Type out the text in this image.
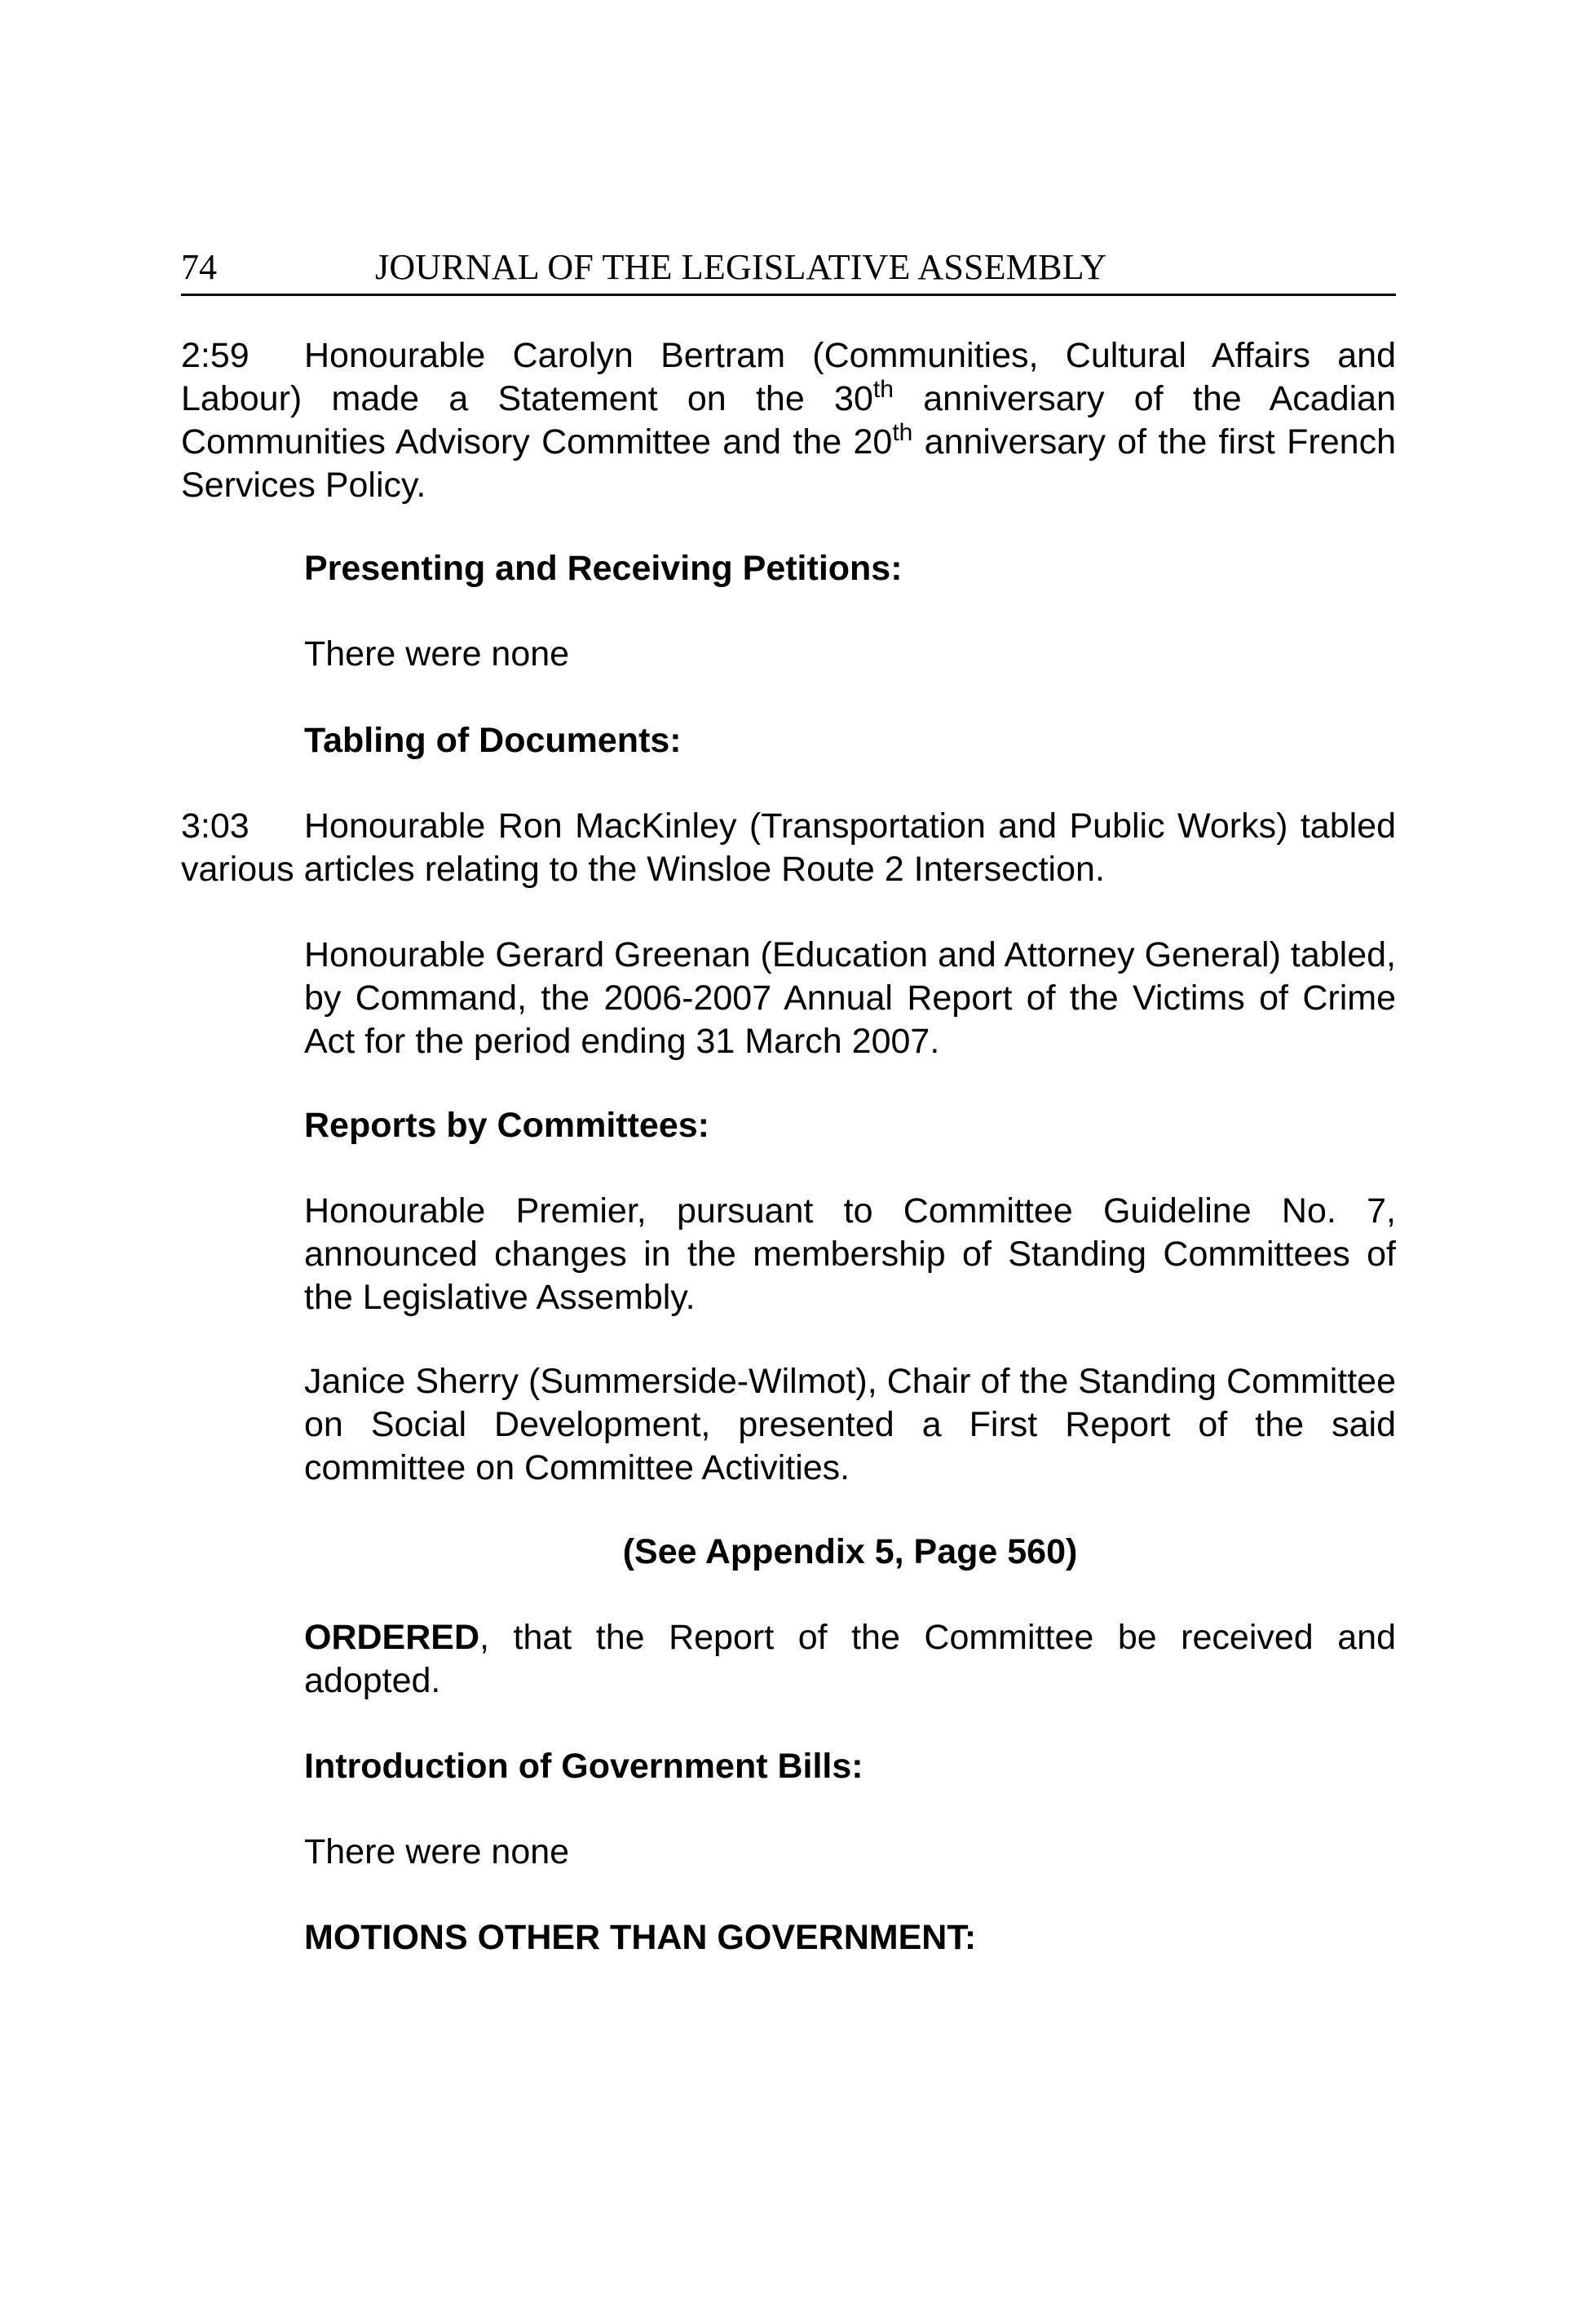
74	JOURNAL OF THE LEGISLATIVE ASSEMBLY
2:59 Honourable Carolyn Bertram (Communities, Cultural Affairs and Labour) made a Statement on the 30th anniversary of the Acadian Communities Advisory Committee and the 20th anniversary of the first French Services Policy.
Presenting and Receiving Petitions:
There were none
Tabling of Documents:
3:03 Honourable Ron MacKinley (Transportation and Public Works) tabled various articles relating to the Winsloe Route 2 Intersection.
Honourable Gerard Greenan (Education and Attorney General) tabled, by Command, the 2006-2007 Annual Report of the Victims of Crime Act for the period ending 31 March 2007.
Reports by Committees:
Honourable Premier, pursuant to Committee Guideline No. 7, announced changes in the membership of Standing Committees of the Legislative Assembly.
Janice Sherry (Summerside-Wilmot), Chair of the Standing Committee on Social Development, presented a First Report of the said committee on Committee Activities.
(See Appendix 5, Page 560)
ORDERED, that the Report of the Committee be received and adopted.
Introduction of Government Bills:
There were none
MOTIONS OTHER THAN GOVERNMENT:
